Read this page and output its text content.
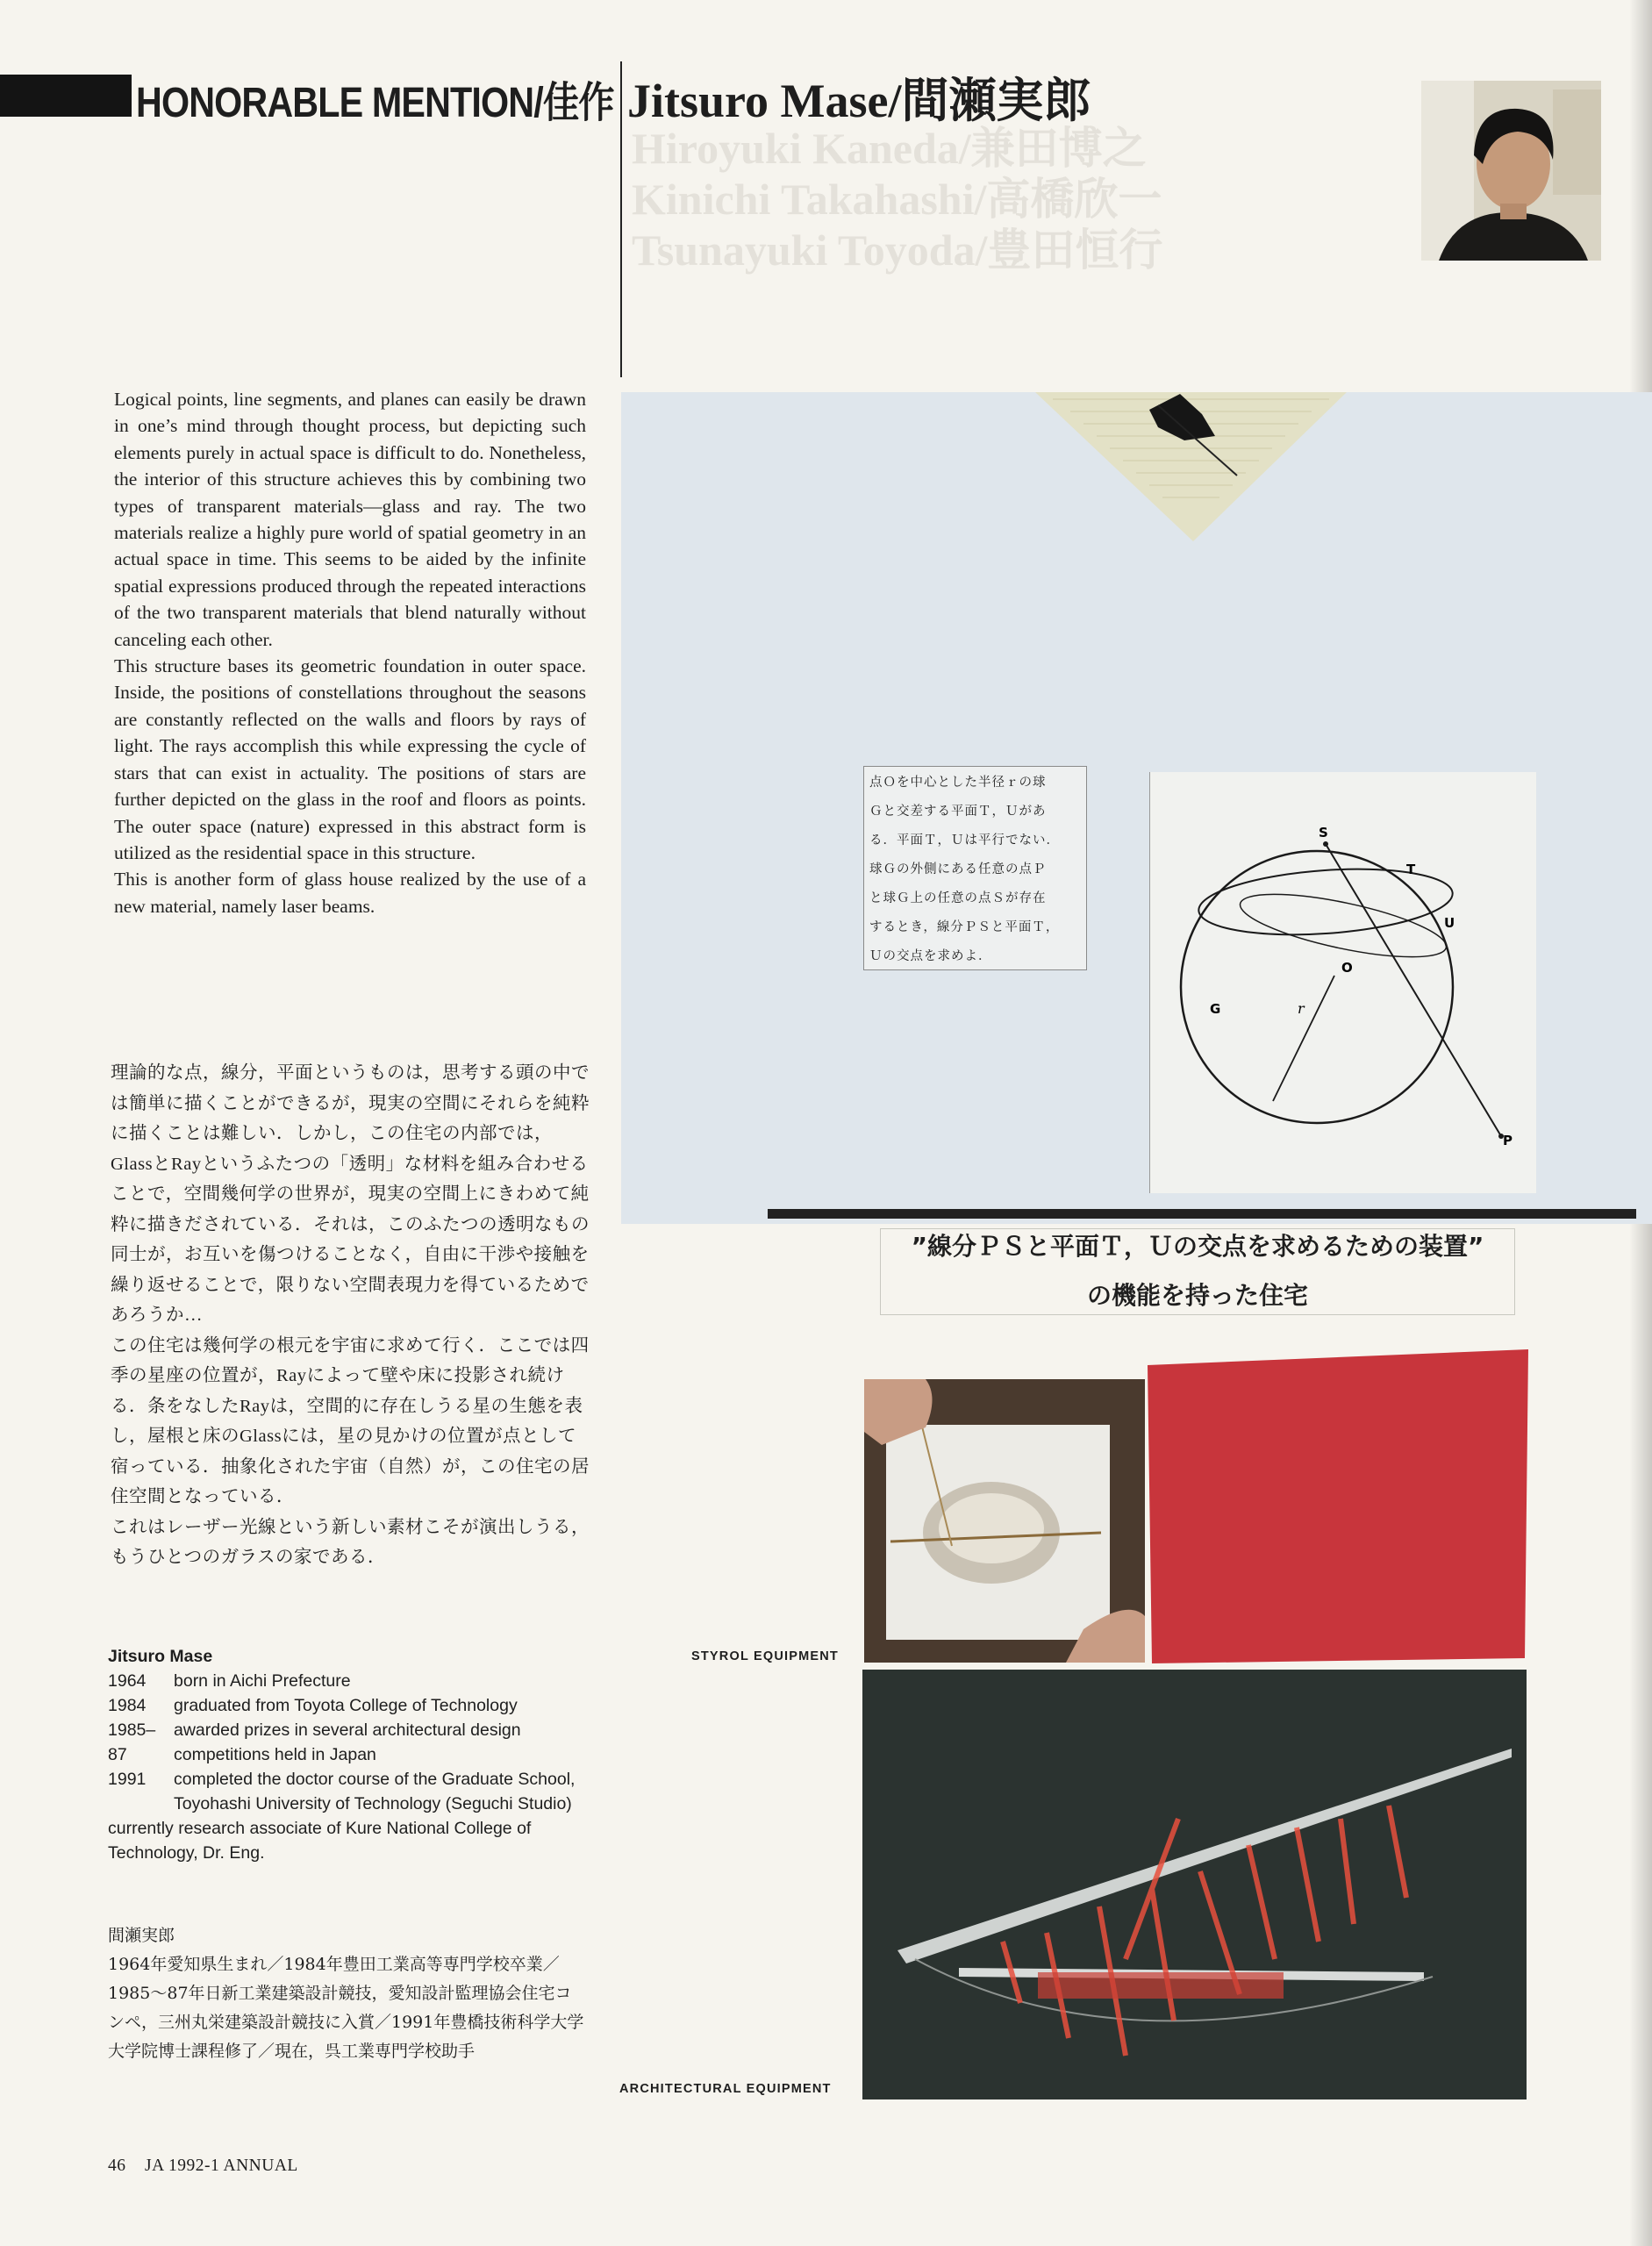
HONORABLE MENTION/佳作 Jitsuro Mase/間瀬実郎
Hiroyuki Kaneda/兼田博之
Kinichi Takahashi/高橋欣一
Tsunayuki Toyoda/豊田恒行

Logical points, line segments, and planes can easily be drawn in one’s mind through thought process, but depicting such elements purely in actual space is difficult to do. Nonetheless, the interior of this structure achieves this by combining two types of transparent materials—glass and ray. The two materials realize a highly pure world of spatial geometry in an actual space in time. This seems to be aided by the infinite spatial expressions produced through the repeated interactions of the two transparent materials that blend naturally without canceling each other.

This structure bases its geometric foundation in outer space. Inside, the positions of constellations throughout the seasons are constantly reflected on the walls and floors by rays of light. The rays accomplish this while expressing the cycle of stars that can exist in actuality. The positions of stars are further depicted on the glass in the roof and floors as points. The outer space (nature) expressed in this abstract form is utilized as the residential space in this structure.

This is another form of glass house realized by the use of a new material, namely laser beams.

理論的な点，線分，平面というものは，思考する頭の中では簡単に描くことができるが，現実の空間にそれらを純粋に描くことは難しい．しかし，この住宅の内部では，GlassとRayというふたつの「透明」な材料を組み合わせることで，空間幾何学の世界が，現実の空間上にきわめて純粋に描きだされている．それは，このふたつの透明なもの同士が，お互いを傷つけることなく，自由に干渉や接触を繰り返せることで，限りない空間表現力を得ているためであろうか…

この住宅は幾何学の根元を宇宙に求めて行く．ここでは四季の星座の位置が，Rayによって壁や床に投影され続ける．条をなしたRayは，空間的に存在しうる星の生態を表し，屋根と床のGlassには，星の見かけの位置が点として宿っている．抽象化された宇宙（自然）が，この住宅の居住空間となっている．

これはレーザー光線という新しい素材こそが演出しうる，もうひとつのガラスの家である．

Jitsuro Mase
1964	born in Aichi Prefecture
1984	graduated from Toyota College of Technology
1985–87
awarded prizes in several architectural design competitions held in Japan
1991	completed the doctor course of the Graduate School, Toyohashi University of Technology (Seguchi Studio)
currently research associate of Kure National College of Technology, Dr. Eng.
間瀬実郎
1964年愛知県生まれ／1984年豊田工業高等専門学校卒業／1985〜87年日新工業建築設計競技，愛知設計監理協会住宅コンペ，三州丸栄建築設計競技に入賞／1991年豊橋技術科学大学大学院博士課程修了／現在，呉工業専門学校助手
点Ｏを中心とした半径ｒの球
Ｇと交差する平面Ｔ，Ｕがあ
る．平面Ｔ，Ｕは平行でない．
球Ｇの外側にある任意の点Ｐ
と球Ｇ上の任意の点Ｓが存在
するとき，線分ＰＳと平面Ｔ，
Ｕの交点を求めよ．
S
T
U
O
G	r
P
”線分ＰＳと平面Ｔ，Ｕの交点を求めるための装置”
の機能を持った住宅
STYROL EQUIPMENT
ARCHITECTURAL EQUIPMENT
46    JA 1992-1 ANNUAL
